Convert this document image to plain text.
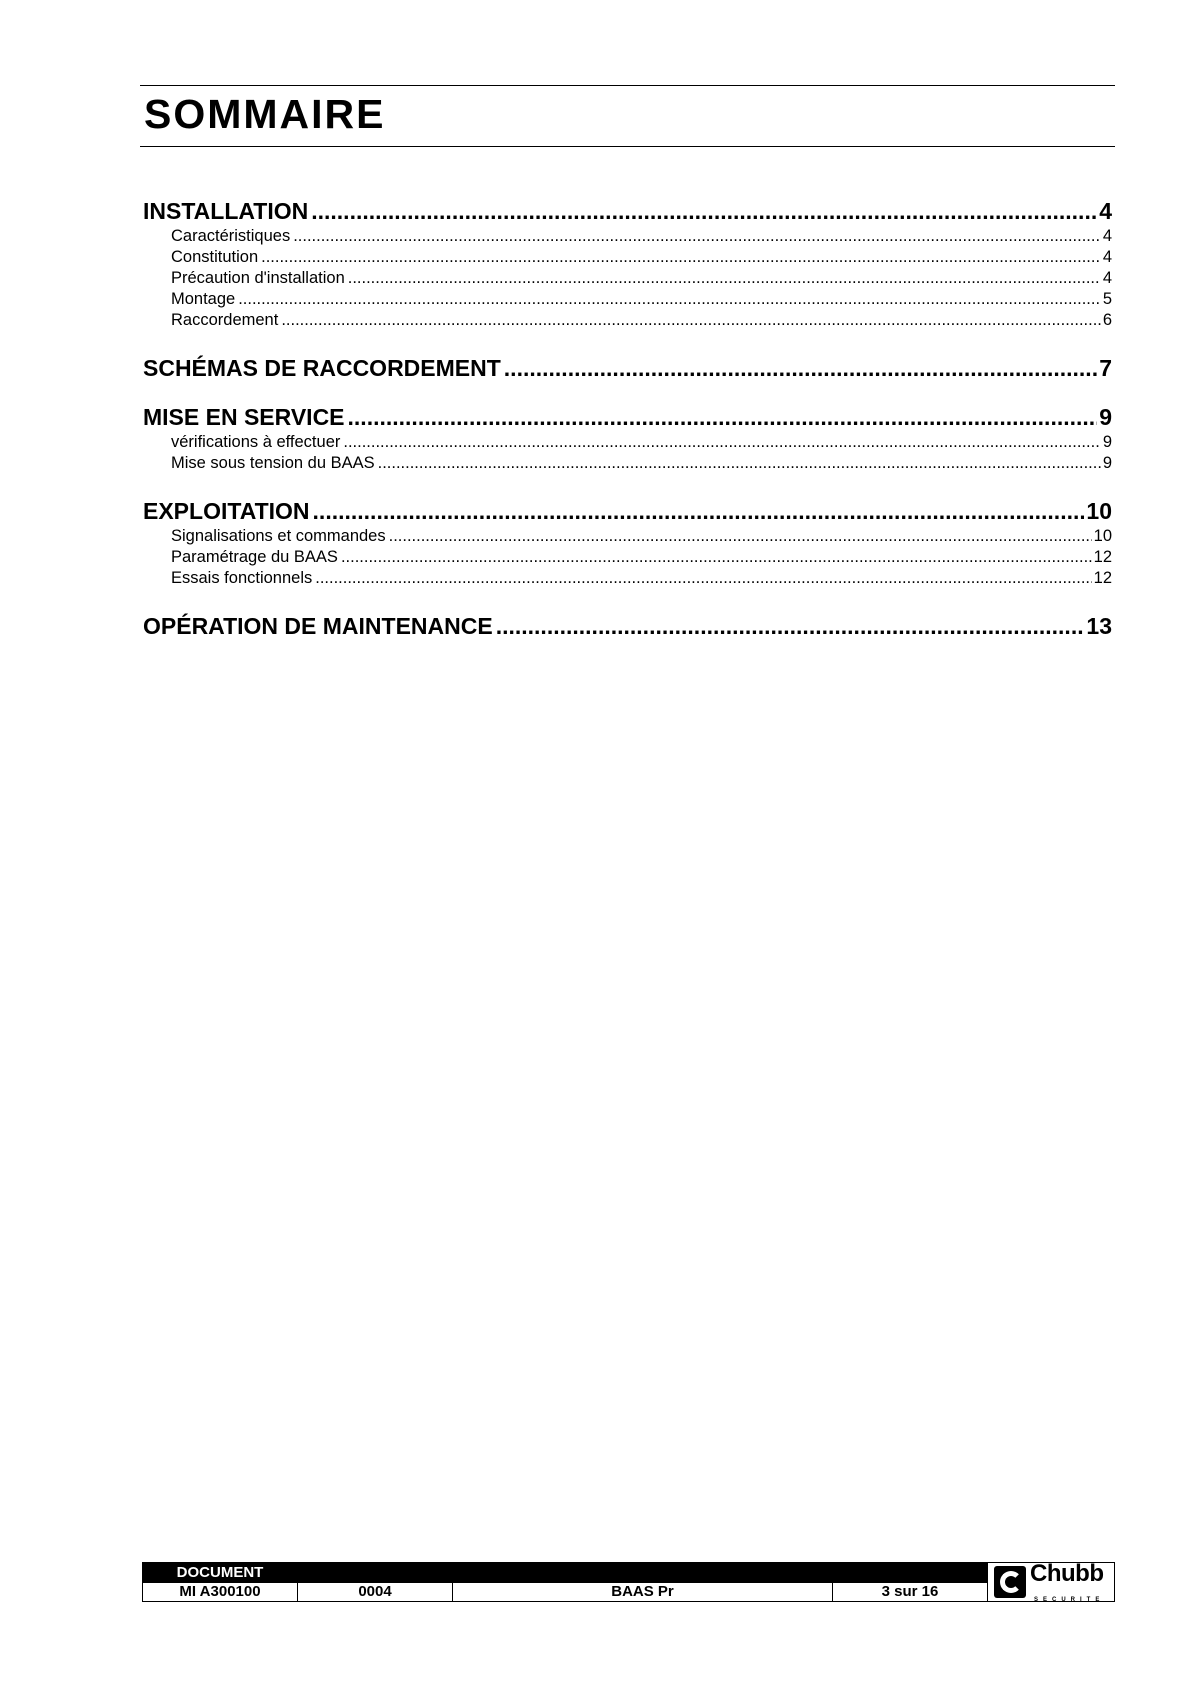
SOMMAIRE
INSTALLATION .....	4
Caractéristiques .....	4
Constitution .....	4
Précaution d'installation .....	4
Montage .....	5
Raccordement .....	6
SCHÉMAS DE RACCORDEMENT .....	7
MISE EN SERVICE .....	9
vérifications à effectuer .....	9
Mise sous tension du BAAS .....	9
EXPLOITATION .....	10
Signalisations et commandes .....	10
Paramétrage du BAAS .....	12
Essais fonctionnels .....	12
OPÉRATION DE MAINTENANCE .....	13
DOCUMENT				Chubb
SECURITE

MI A300100	0004	BAAS Pr	3 sur 16	
